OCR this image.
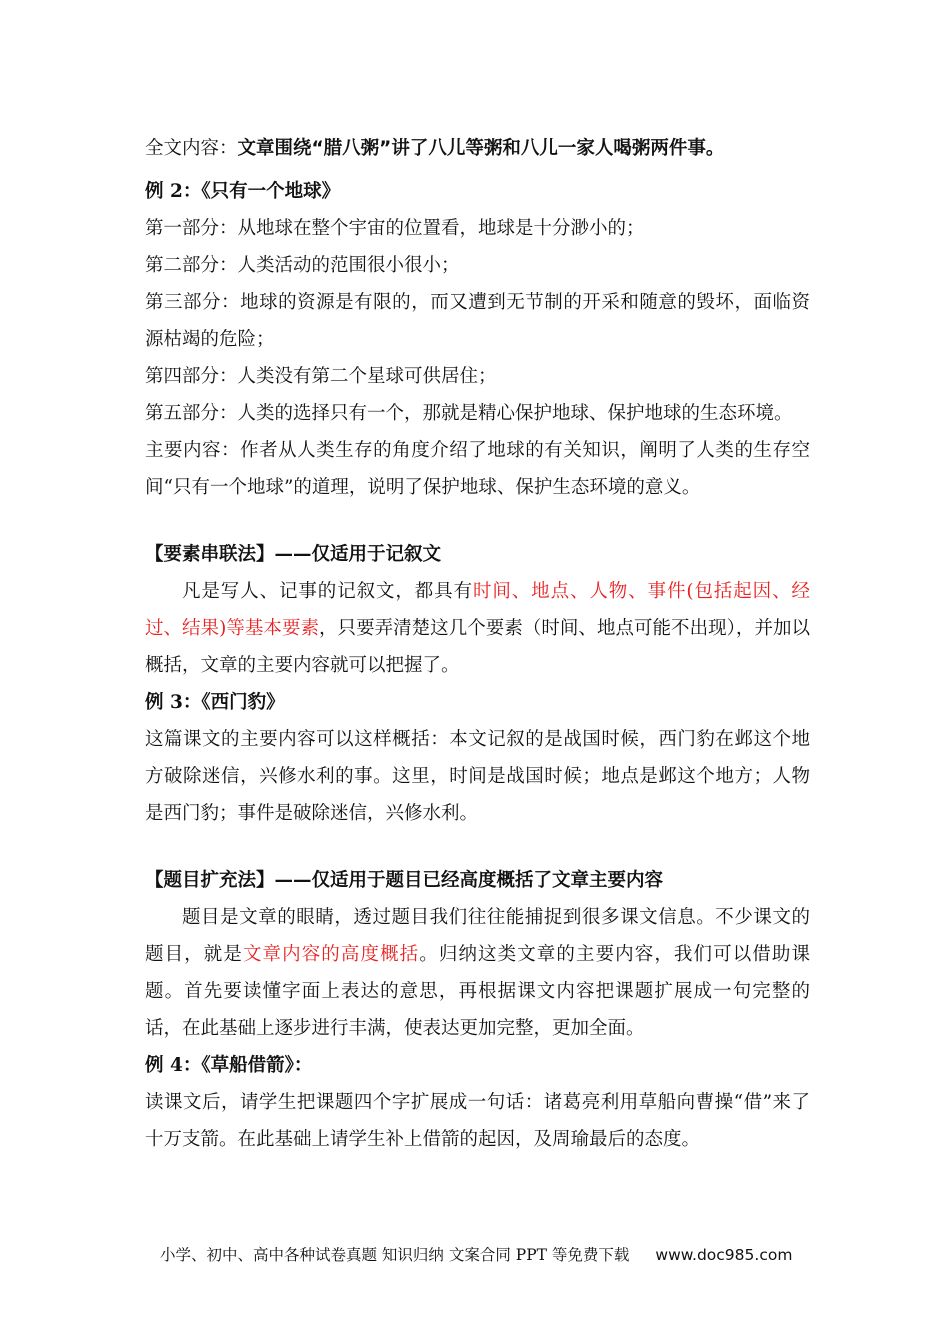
全文内容：文章围绕“腊八粥”讲了八儿等粥和八儿一家人喝粥两件事。

例 2：《只有一个地球》

第一部分：从地球在整个宇宙的位置看，地球是十分渺小的；

第二部分：人类活动的范围很小很小；

第三部分：地球的资源是有限的，而又遭到无节制的开采和随意的毁坏，面临资源枯竭的危险；

第四部分：人类没有第二个星球可供居住；

第五部分：人类的选择只有一个，那就是精心保护地球、保护地球的生态环境。

主要内容：作者从人类生存的角度介绍了地球的有关知识，阐明了人类的生存空间“只有一个地球”的道理，说明了保护地球、保护生态环境的意义。

【要素串联法】——仅适用于记叙文

凡是写人、记事的记叙文，都具有时间、地点、人物、事件(包括起因、经过、结果)等基本要素，只要弄清楚这几个要素（时间、地点可能不出现），并加以概括，文章的主要内容就可以把握了。

例 3：《西门豹》

这篇课文的主要内容可以这样概括：本文记叙的是战国时候，西门豹在邺这个地方破除迷信，兴修水利的事。这里，时间是战国时候；地点是邺这个地方；人物是西门豹；事件是破除迷信，兴修水利。

【题目扩充法】——仅适用于题目已经高度概括了文章主要内容

题目是文章的眼睛，透过题目我们往往能捕捉到很多课文信息。不少课文的题目，就是文章内容的高度概括。归纳这类文章的主要内容，我们可以借助课题。首先要读懂字面上表达的意思，再根据课文内容把课题扩展成一句完整的话，在此基础上逐步进行丰满，使表达更加完整，更加全面。

例 4：《草船借箭》：

读课文后，请学生把课题四个字扩展成一句话：诸葛亮利用草船向曹操“借”来了十万支箭。在此基础上请学生补上借箭的起因，及周瑜最后的态度。

小学、初中、高中各种试卷真题 知识归纳 文案合同 PPT 等免费下载 www.doc985.com
